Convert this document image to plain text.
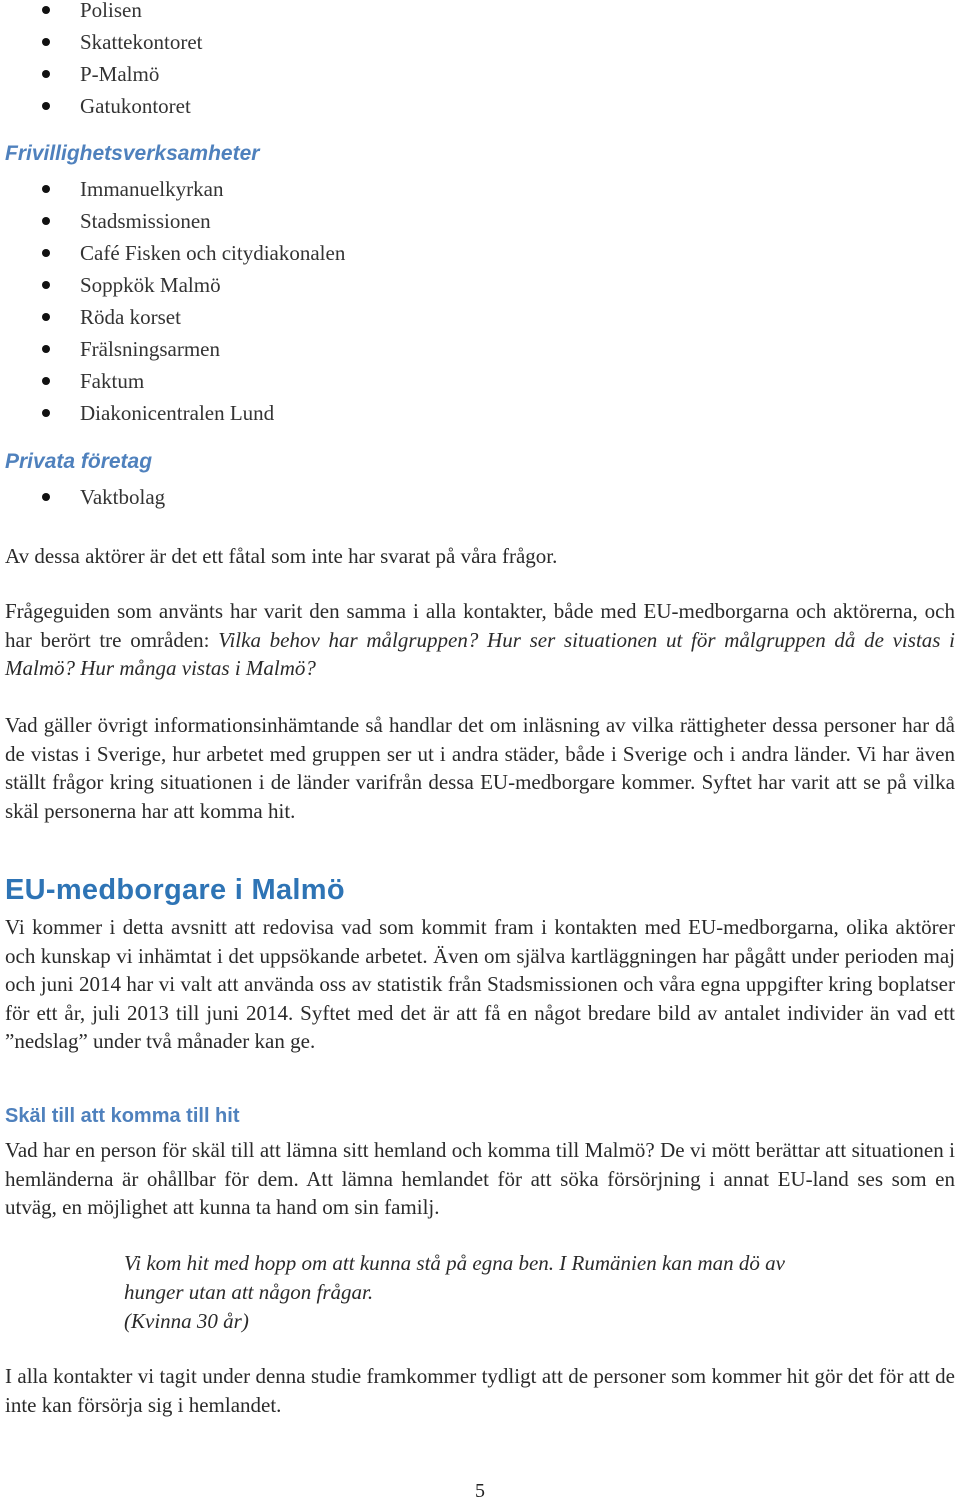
Polisen
Skattekontoret
P-Malmö
Gatukontoret
Frivillighetsverksamheter
Immanuelkyrkan
Stadsmissionen
Café Fisken och citydiakonalen
Soppkök Malmö
Röda korset
Frälsningsarmen
Faktum
Diakonicentralen Lund
Privata företag
Vaktbolag

Av dessa aktörer är det ett fåtal som inte har svarat på våra frågor.

Frågeguiden som använts har varit den samma i alla kontakter, både med EU-medborgarna och aktörerna, och har berört tre områden: Vilka behov har målgruppen? Hur ser situationen ut för målgruppen då de vistas i Malmö? Hur många vistas i Malmö?

Vad gäller övrigt informationsinhämtande så handlar det om inläsning av vilka rättigheter dessa personer har då de vistas i Sverige, hur arbetet med gruppen ser ut i andra städer, både i Sverige och i andra länder. Vi har även ställt frågor kring situationen i de länder varifrån dessa EU-medborgare kommer. Syftet har varit att se på vilka skäl personerna har att komma hit.

EU-medborgare i Malmö

Vi kommer i detta avsnitt att redovisa vad som kommit fram i kontakten med EU-medborgarna, olika aktörer och kunskap vi inhämtat i det uppsökande arbetet. Även om själva kartläggningen har pågått under perioden maj och juni 2014 har vi valt att använda oss av statistik från Stadsmissionen och våra egna uppgifter kring boplatser för ett år, juli 2013 till juni 2014. Syftet med det är att få en något bredare bild av antalet individer än vad ett ”nedslag” under två månader kan ge.

Skäl till att komma till hit

Vad har en person för skäl till att lämna sitt hemland och komma till Malmö? De vi mött berättar att situationen i hemländerna är ohållbar för dem. Att lämna hemlandet för att söka försörjning i annat EU-land ses som en utväg, en möjlighet att kunna ta hand om sin familj.

Vi kom hit med hopp om att kunna stå på egna ben. I Rumänien kan man dö av
hunger utan att någon frågar.
(Kvinna 30 år)

I alla kontakter vi tagit under denna studie framkommer tydligt att de personer som kommer hit gör det för att de inte kan försörja sig i hemlandet.

5
